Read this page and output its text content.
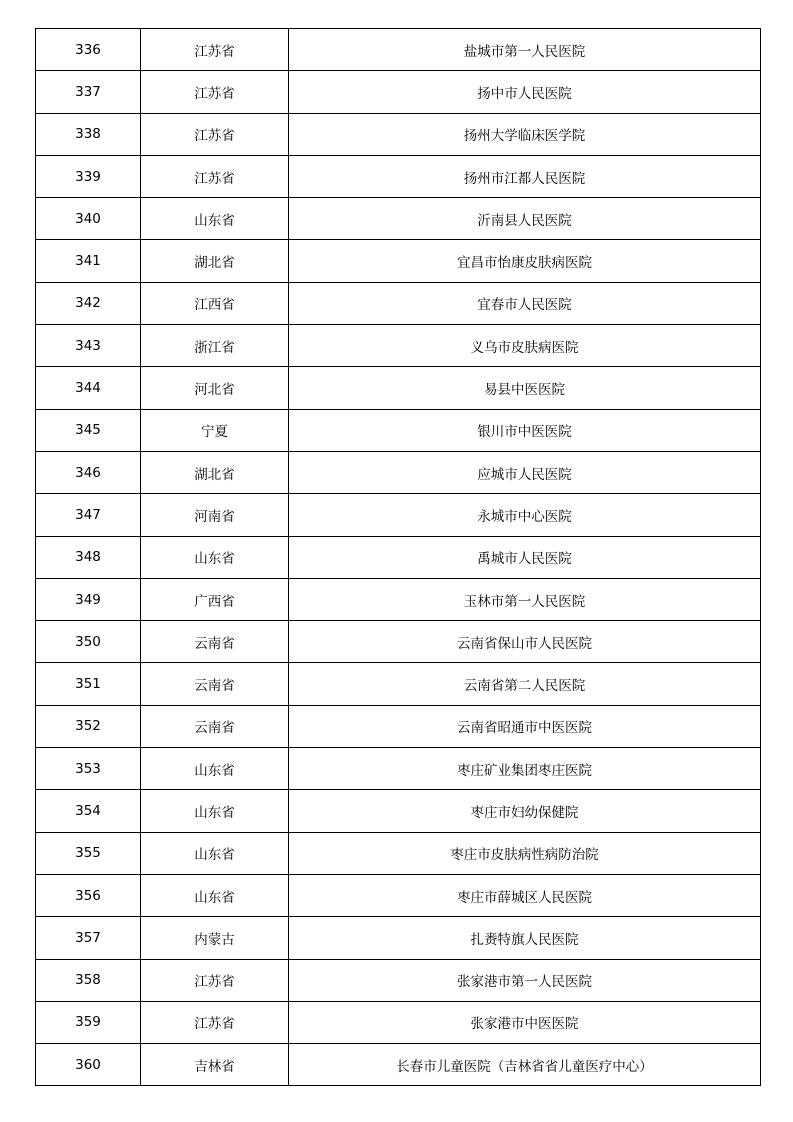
336	江苏省	盐城市第一人民医院
337	江苏省	扬中市人民医院
338	江苏省	扬州大学临床医学院
339	江苏省	扬州市江都人民医院
340	山东省	沂南县人民医院
341	湖北省	宜昌市怡康皮肤病医院
342	江西省	宜春市人民医院
343	浙江省	义乌市皮肤病医院
344	河北省	易县中医医院
345	宁夏	银川市中医医院
346	湖北省	应城市人民医院
347	河南省	永城市中心医院
348	山东省	禹城市人民医院
349	广西省	玉林市第一人民医院
350	云南省	云南省保山市人民医院
351	云南省	云南省第二人民医院
352	云南省	云南省昭通市中医医院
353	山东省	枣庄矿业集团枣庄医院
354	山东省	枣庄市妇幼保健院
355	山东省	枣庄市皮肤病性病防治院
356	山东省	枣庄市薛城区人民医院
357	内蒙古	扎赉特旗人民医院
358	江苏省	张家港市第一人民医院
359	江苏省	张家港市中医医院
360	吉林省	长春市儿童医院（吉林省省儿童医疗中心）
